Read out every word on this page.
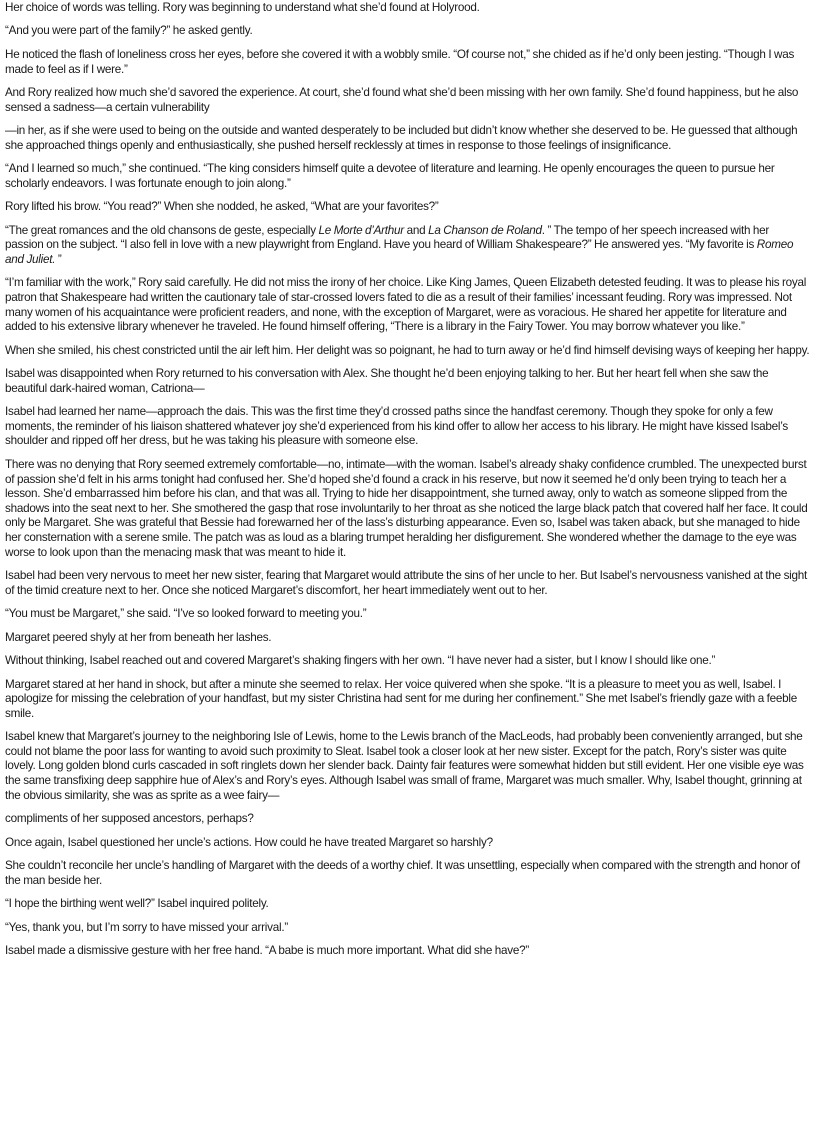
Her choice of words was telling. Rory was beginning to understand what she’d found at Holyrood.

“And you were part of the family?” he asked gently.

He noticed the flash of loneliness cross her eyes, before she covered it with a wobbly smile. “Of course not,” she chided as if he’d only been jesting. “Though I was made to feel as if I were.”

And Rory realized how much she’d savored the experience. At court, she’d found what she’d been missing with her own family. She’d found happiness, but he also sensed a sadness—a certain vulnerability

—in her, as if she were used to being on the outside and wanted desperately to be included but didn’t know whether she deserved to be. He guessed that although she approached things openly and enthusiastically, she pushed herself recklessly at times in response to those feelings of insignificance.

“And I learned so much,” she continued. “The king considers himself quite a devotee of literature and learning. He openly encourages the queen to pursue her scholarly endeavors. I was fortunate enough to join along.”

Rory lifted his brow. “You read?” When she nodded, he asked, “What are your favorites?”

“The great romances and the old chansons de geste, especially Le Morte d’Arthur and La Chanson de Roland. ” The tempo of her speech increased with her passion on the subject. “I also fell in love with a new playwright from England. Have you heard of William Shakespeare?” He answered yes. “My favorite is Romeo and Juliet. ”

“I’m familiar with the work,” Rory said carefully. He did not miss the irony of her choice. Like King James, Queen Elizabeth detested feuding. It was to please his royal patron that Shakespeare had written the cautionary tale of star-crossed lovers fated to die as a result of their families’ incessant feuding. Rory was impressed. Not many women of his acquaintance were proficient readers, and none, with the exception of Margaret, were as voracious. He shared her appetite for literature and added to his extensive library whenever he traveled. He found himself offering, “There is a library in the Fairy Tower. You may borrow whatever you like.”

When she smiled, his chest constricted until the air left him. Her delight was so poignant, he had to turn away or he’d find himself devising ways of keeping her happy.

Isabel was disappointed when Rory returned to his conversation with Alex. She thought he’d been enjoying talking to her. But her heart fell when she saw the beautiful dark-haired woman, Catriona—

Isabel had learned her name—approach the dais. This was the first time they’d crossed paths since the handfast ceremony. Though they spoke for only a few moments, the reminder of his liaison shattered whatever joy she’d experienced from his kind offer to allow her access to his library. He might have kissed Isabel’s shoulder and ripped off her dress, but he was taking his pleasure with someone else.

There was no denying that Rory seemed extremely comfortable—no, intimate—with the woman. Isabel’s already shaky confidence crumbled. The unexpected burst of passion she’d felt in his arms tonight had confused her. She’d hoped she’d found a crack in his reserve, but now it seemed he’d only been trying to teach her a lesson. She’d embarrassed him before his clan, and that was all. Trying to hide her disappointment, she turned away, only to watch as someone slipped from the shadows into the seat next to her. She smothered the gasp that rose involuntarily to her throat as she noticed the large black patch that covered half her face. It could only be Margaret. She was grateful that Bessie had forewarned her of the lass’s disturbing appearance. Even so, Isabel was taken aback, but she managed to hide her consternation with a serene smile. The patch was as loud as a blaring trumpet heralding her disfigurement. She wondered whether the damage to the eye was worse to look upon than the menacing mask that was meant to hide it.

Isabel had been very nervous to meet her new sister, fearing that Margaret would attribute the sins of her uncle to her. But Isabel’s nervousness vanished at the sight of the timid creature next to her. Once she noticed Margaret’s discomfort, her heart immediately went out to her.

“You must be Margaret,” she said. “I’ve so looked forward to meeting you.”

Margaret peered shyly at her from beneath her lashes.

Without thinking, Isabel reached out and covered Margaret’s shaking fingers with her own. “I have never had a sister, but I know I should like one.”

Margaret stared at her hand in shock, but after a minute she seemed to relax. Her voice quivered when she spoke. “It is a pleasure to meet you as well, Isabel. I apologize for missing the celebration of your handfast, but my sister Christina had sent for me during her confinement.” She met Isabel’s friendly gaze with a feeble smile.

Isabel knew that Margaret’s journey to the neighboring Isle of Lewis, home to the Lewis branch of the MacLeods, had probably been conveniently arranged, but she could not blame the poor lass for wanting to avoid such proximity to Sleat. Isabel took a closer look at her new sister. Except for the patch, Rory’s sister was quite lovely. Long golden blond curls cascaded in soft ringlets down her slender back. Dainty fair features were somewhat hidden but still evident. Her one visible eye was the same transfixing deep sapphire hue of Alex’s and Rory’s eyes. Although Isabel was small of frame, Margaret was much smaller. Why, Isabel thought, grinning at the obvious similarity, she was as sprite as a wee fairy—

compliments of her supposed ancestors, perhaps?

Once again, Isabel questioned her uncle’s actions. How could he have treated Margaret so harshly?

She couldn’t reconcile her uncle’s handling of Margaret with the deeds of a worthy chief. It was unsettling, especially when compared with the strength and honor of the man beside her.

“I hope the birthing went well?” Isabel inquired politely.

“Yes, thank you, but I’m sorry to have missed your arrival.”

Isabel made a dismissive gesture with her free hand. “A babe is much more important. What did she have?”
